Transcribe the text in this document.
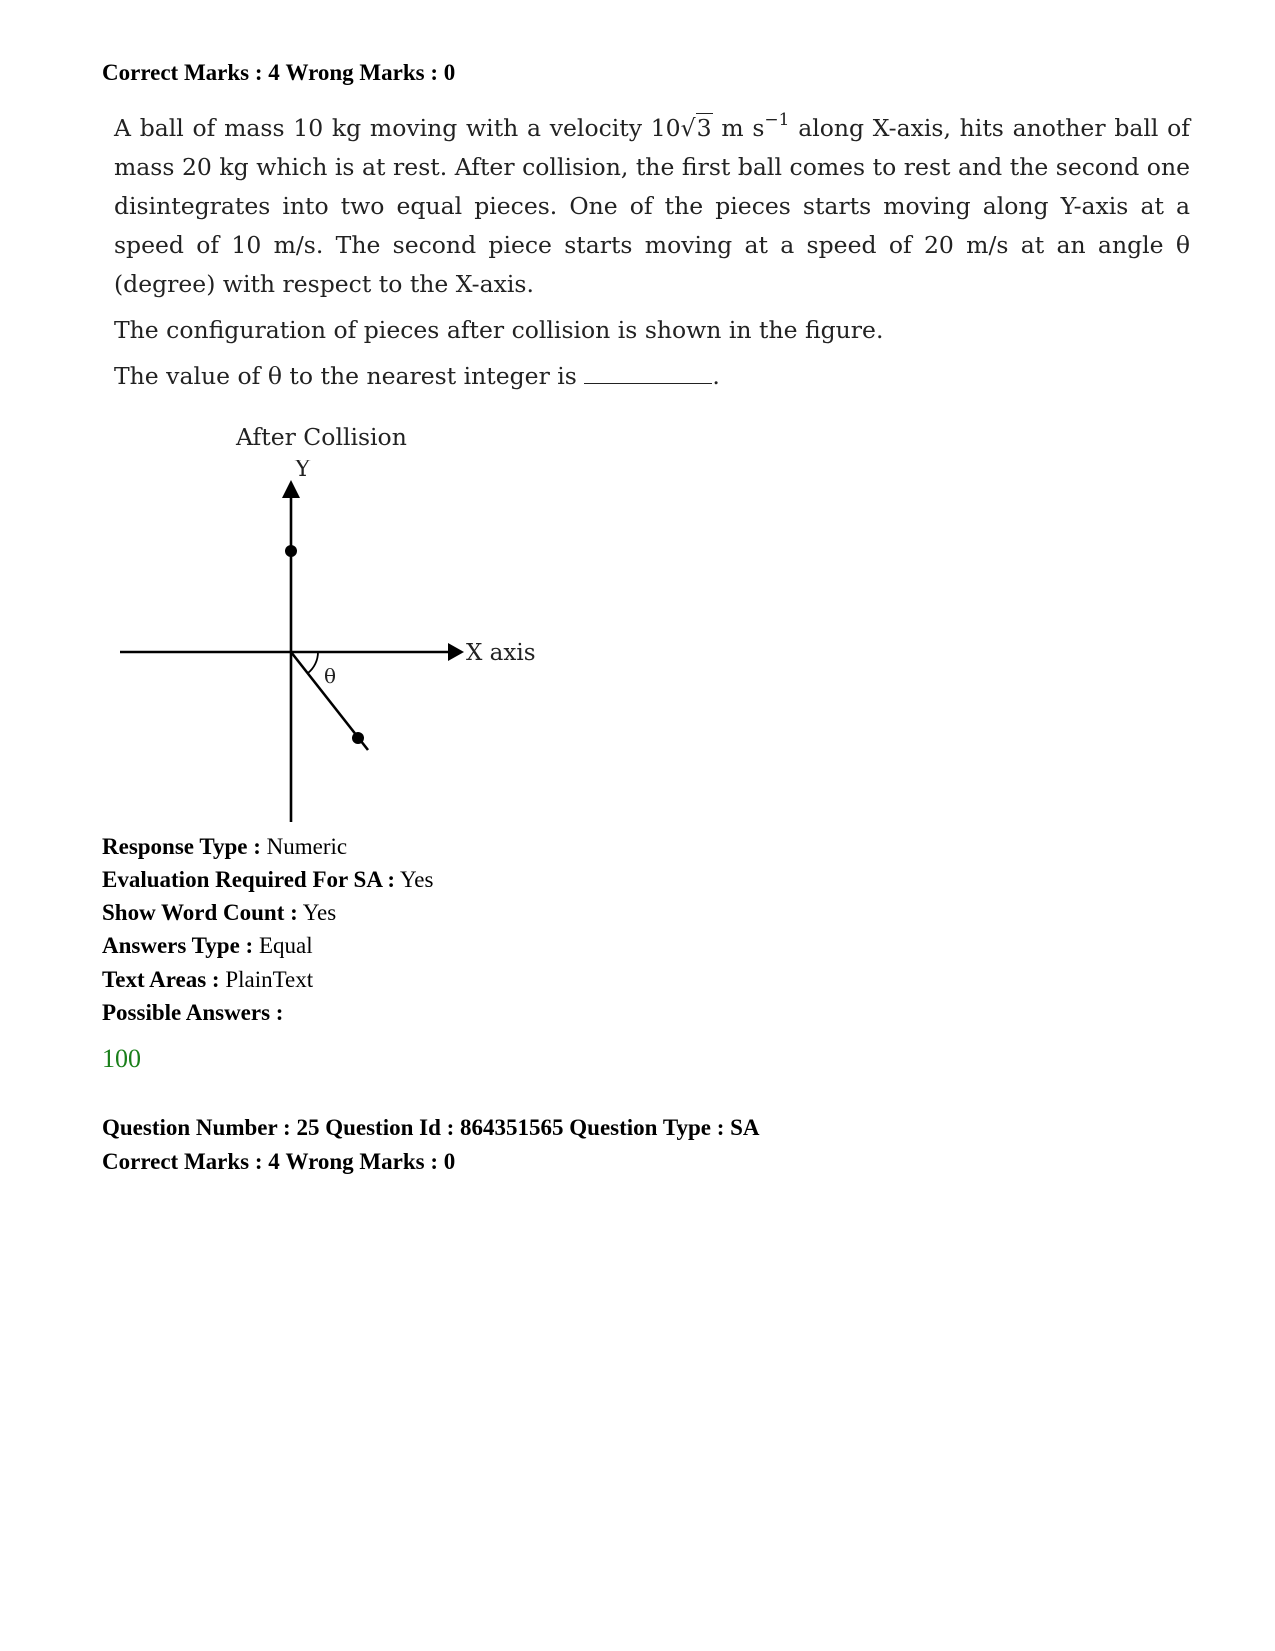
Correct Marks : 4 Wrong Marks : 0

A ball of mass 10 kg moving with a velocity 10√3 m $s^{-1}$ along X-axis, hits another ball of mass 20 kg which is at rest. After collision, the first ball comes to rest and the second one disintegrates into two equal pieces. One of the pieces starts moving along Y-axis at a speed of 10 m/s. The second piece starts moving at a speed of 20 m/s at an angle θ (degree) with respect to the X-axis.

The configuration of pieces after collision is shown in the figure.

The value of θ to the nearest integer is	.

After Collision
Y
X axis
θ
Response Type : Numeric
Evaluation Required For SA : Yes
Show Word Count : Yes
Answers Type : Equal
Text Areas : PlainText
Possible Answers :
100
Question Number : 25 Question Id : 864351565 Question Type : SA
Correct Marks : 4 Wrong Marks : 0
